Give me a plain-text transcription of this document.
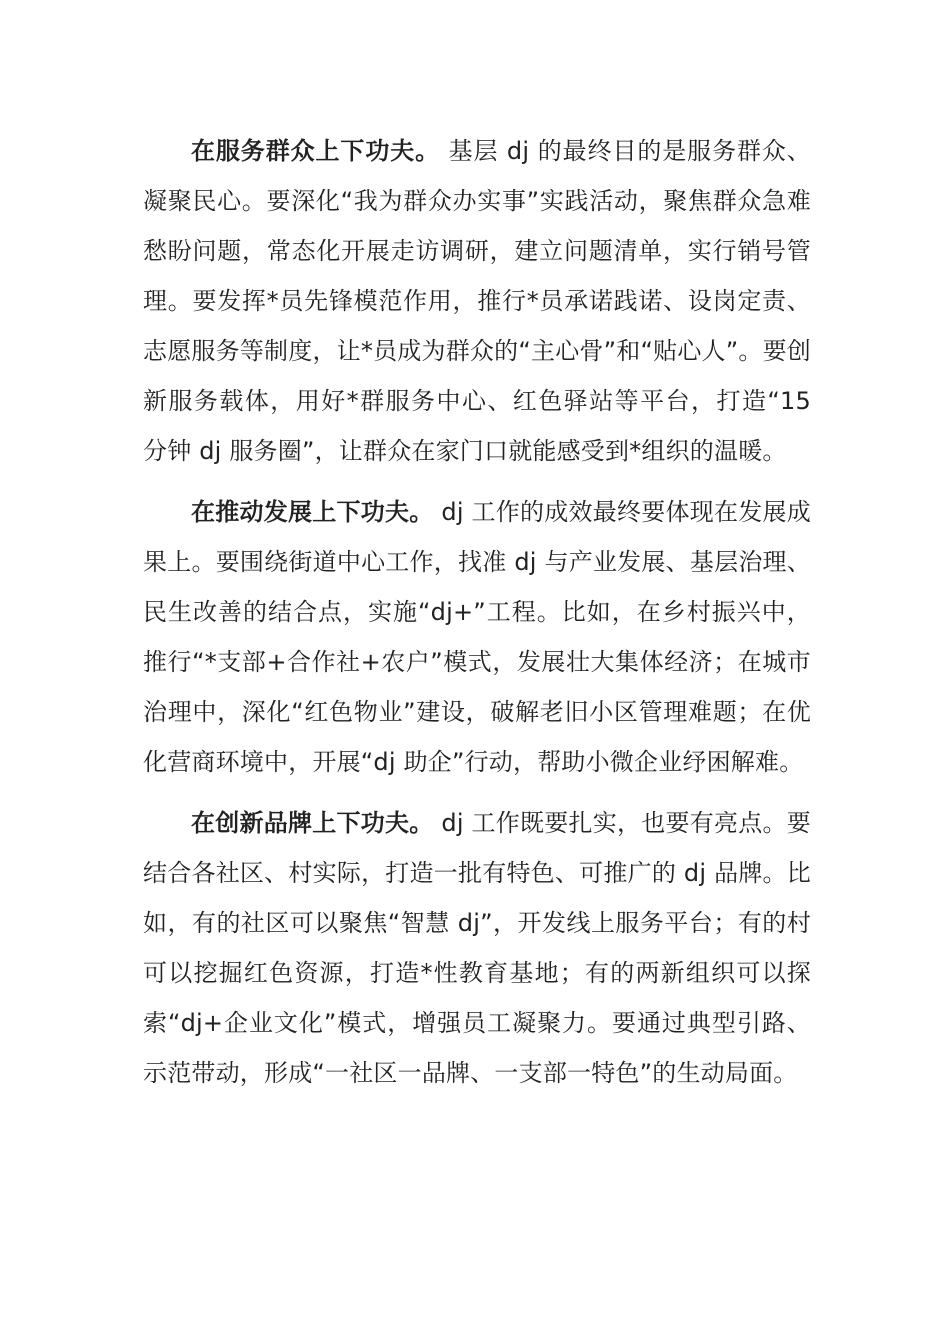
在服务群众上下功夫。 基层 dj 的最终目的是服务群众、凝聚民心。要深化“我为群众办实事”实践活动，聚焦群众急难愁盼问题，常态化开展走访调研，建立问题清单，实行销号管理。要发挥*员先锋模范作用，推行*员承诺践诺、设岗定责、志愿服务等制度，让*员成为群众的“主心骨”和“贴心人”。要创新服务载体，用好*群服务中心、红色驿站等平台，打造“15 分钟 dj 服务圈”，让群众在家门口就能感受到*组织的温暖。

在推动发展上下功夫。 dj 工作的成效最终要体现在发展成果上。要围绕街道中心工作，找准 dj 与产业发展、基层治理、民生改善的结合点，实施“dj+”工程。比如，在乡村振兴中，推行“*支部+合作社+农户”模式，发展壮大集体经济；在城市治理中，深化“红色物业”建设，破解老旧小区管理难题；在优化营商环境中，开展“dj 助企”行动，帮助小微企业纾困解难。

在创新品牌上下功夫。 dj 工作既要扎实，也要有亮点。要结合各社区、村实际，打造一批有特色、可推广的 dj 品牌。比如，有的社区可以聚焦“智慧 dj”，开发线上服务平台；有的村可以挖掘红色资源，打造*性教育基地；有的两新组织可以探索“dj+企业文化”模式，增强员工凝聚力。要通过典型引路、示范带动，形成“一社区一品牌、一支部一特色”的生动局面。
